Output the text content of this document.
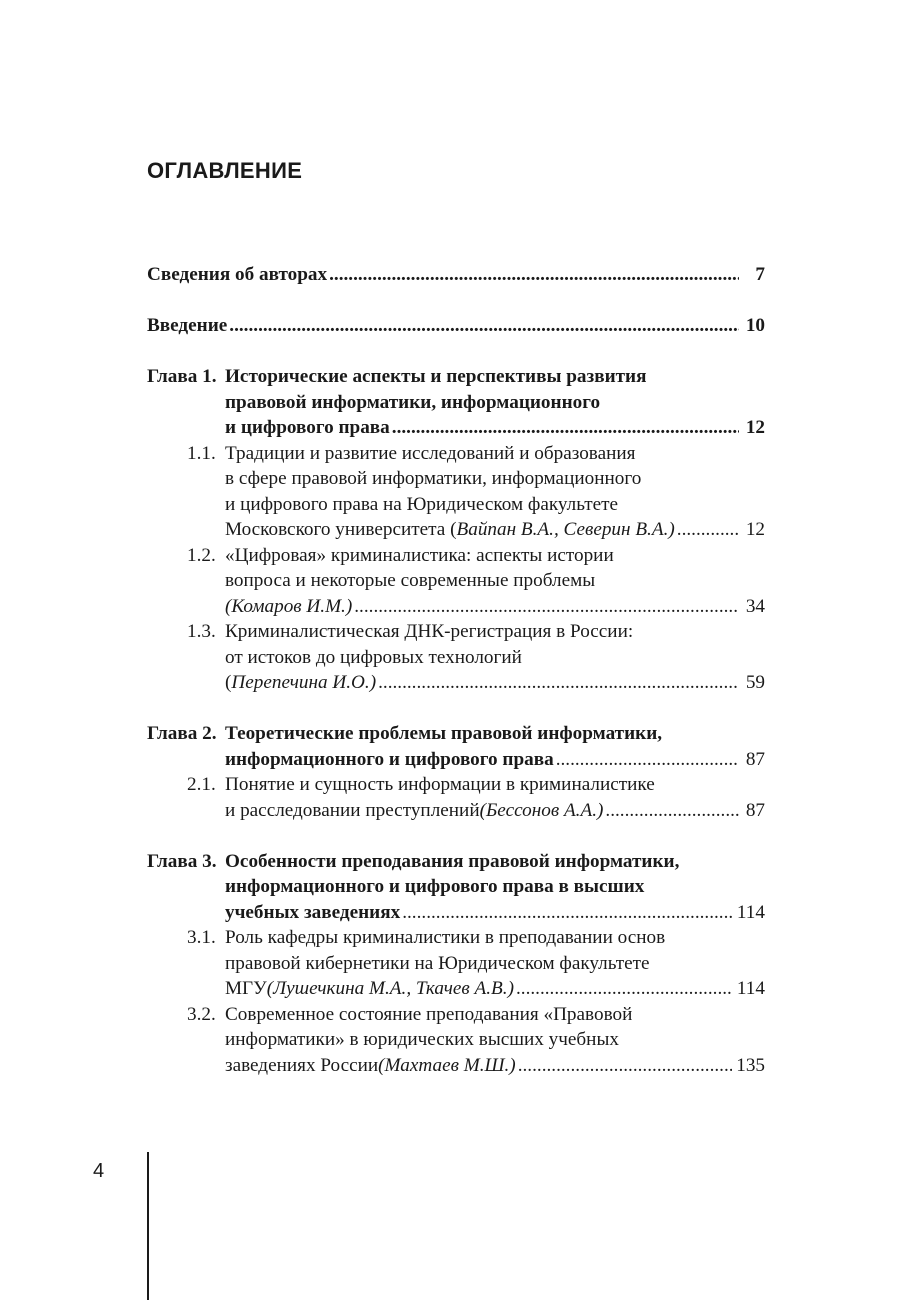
ОГЛАВЛЕНИЕ
Сведения об авторах .....	7
Введение .....	10
Глава 1. Исторические аспекты и перспективы развития
правовой информатики, информационного
и цифрового права .....	12
1.1. Традиции и развитие исследований и образования
в сфере правовой информатики, информационного
и цифрового права на Юридическом факультете
Московского университета ( Вайпан В.А., Северин В.А.) .....	12
1.2. «Цифровая» криминалистика: аспекты истории
вопроса и некоторые современные проблемы
(Комаров И.М.) .....	34
1.3. Криминалистическая ДНК-регистрация в России:
от истоков до цифровых технологий
( Перепечина И.О.) .....	59
Глава 2. Теоретические проблемы правовой информатики,
информационного и цифрового права .....	87
2.1. Понятие и сущность информации в криминалистике
и расследовании преступлений (Бессонов А.А.) .....	87
Глава 3. Особенности преподавания правовой информатики,
информационного и цифрового права в высших
учебных заведениях .....	114
3.1. Роль кафедры криминалистики в преподавании основ
правовой кибернетики на Юридическом факультете
МГУ (Лушечкина М.А., Ткачев А.В.) .....	114
3.2. Современное состояние преподавания «Правовой
информатики» в юридических высших учебных
заведениях России (Махтаев М.Ш.) .....	135
4
